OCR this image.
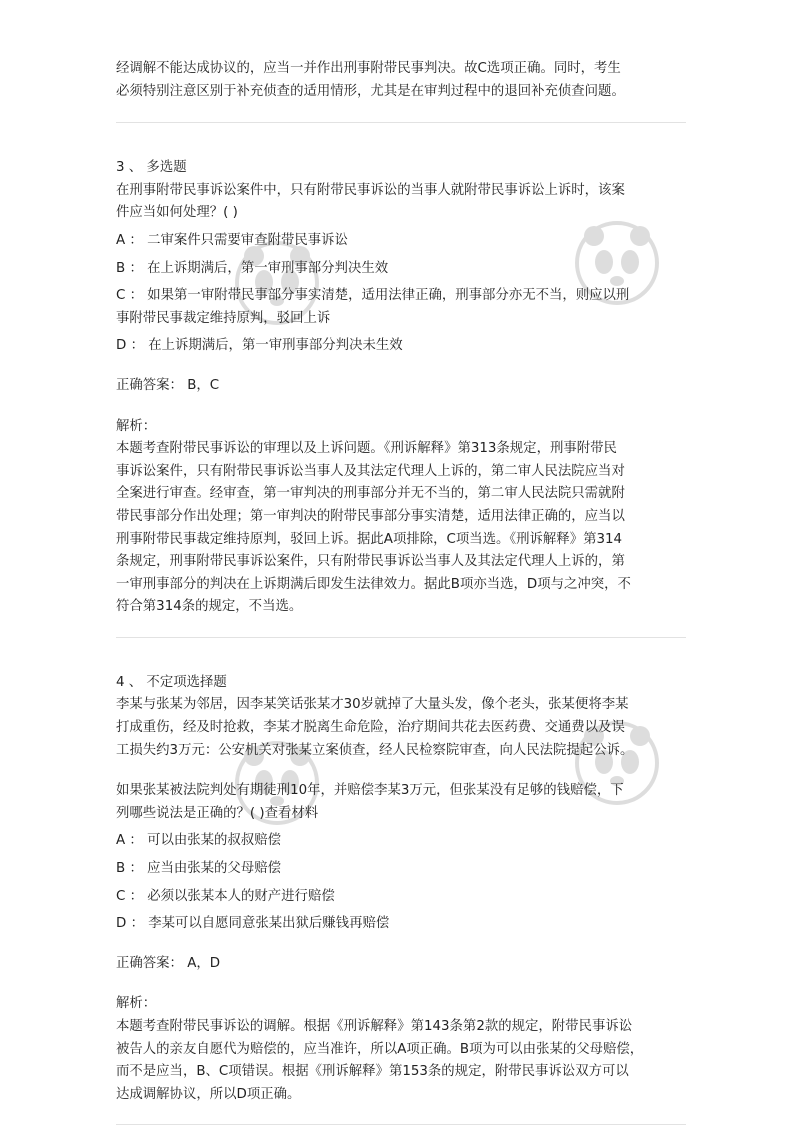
经调解不能达成协议的，应当一并作出刑事附带民事判决。故C选项正确。同时，考生

必须特别注意区别于补充侦查的适用情形，尤其是在审判过程中的退回补充侦查问题。

3 、 多选题

在刑事附带民事诉讼案件中，只有附带民事诉讼的当事人就附带民事诉讼上诉时，该案

件应当如何处理？( )

A ： 二审案件只需要审查附带民事诉讼

B ： 在上诉期满后，第一审刑事部分判决生效

C ： 如果第一审附带民事部分事实清楚，适用法律正确，刑事部分亦无不当，则应以刑

事附带民事裁定维持原判，驳回上诉

D ： 在上诉期满后，第一审刑事部分判决未生效

正确答案： B，C

解析：

本题考查附带民事诉讼的审理以及上诉问题。《刑诉解释》第313条规定，刑事附带民

事诉讼案件，只有附带民事诉讼当事人及其法定代理人上诉的，第二审人民法院应当对

全案进行审查。经审查，第一审判决的刑事部分并无不当的，第二审人民法院只需就附

带民事部分作出处理；第一审判决的附带民事部分事实清楚，适用法律正确的，应当以

刑事附带民事裁定维持原判，驳回上诉。据此A项排除，C项当选。《刑诉解释》第314

条规定，刑事附带民事诉讼案件，只有附带民事诉讼当事人及其法定代理人上诉的，第

一审刑事部分的判决在上诉期满后即发生法律效力。据此B项亦当选，D项与之冲突，不

符合第314条的规定，不当选。

4 、 不定项选择题

李某与张某为邻居，因李某笑话张某才30岁就掉了大量头发，像个老头，张某便将李某

打成重伤，经及时抢救，李某才脱离生命危险，治疗期间共花去医药费、交通费以及误

工损失约3万元：公安机关对张某立案侦查，经人民检察院审查，向人民法院提起公诉。

如果张某被法院判处有期徒刑10年，并赔偿李某3万元，但张某没有足够的钱赔偿，下

列哪些说法是正确的？( )查看材料

A ： 可以由张某的叔叔赔偿

B ： 应当由张某的父母赔偿

C ： 必须以张某本人的财产进行赔偿

D ： 李某可以自愿同意张某出狱后赚钱再赔偿

正确答案： A，D

解析：

本题考查附带民事诉讼的调解。根据《刑诉解释》第143条第2款的规定，附带民事诉讼

被告人的亲友自愿代为赔偿的，应当准许，所以A项正确。B项为可以由张某的父母赔偿，

而不是应当，B、C项错误。根据《刑诉解释》第153条的规定，附带民事诉讼双方可以

达成调解协议，所以D项正确。
